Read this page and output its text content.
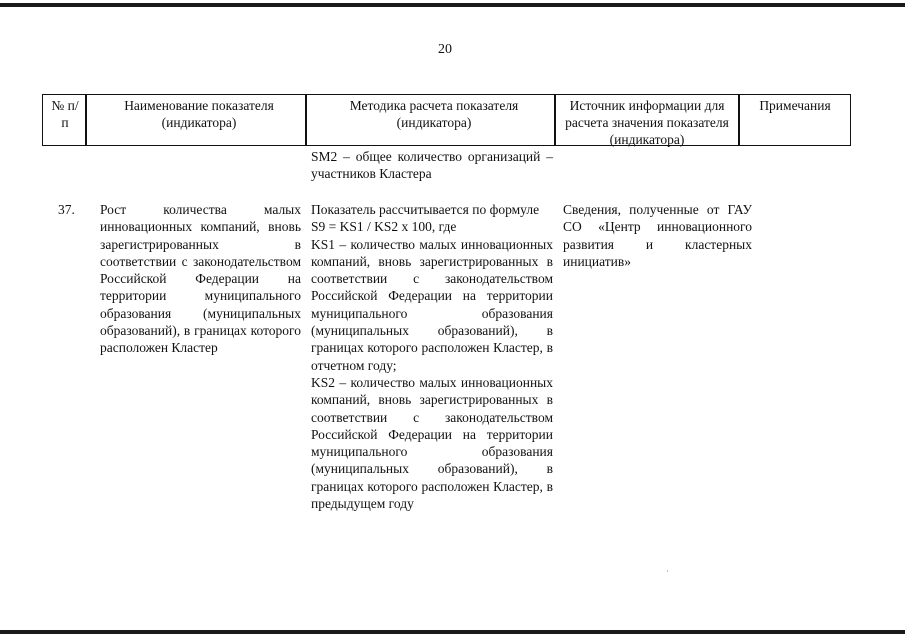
20
№ п/п
Наименование показателя (индикатора)
Методика расчета показателя (индикатора)
Источник информации для расчета значения показателя (индикатора)
Примечания
SM2 – общее количество организаций – участников Кластера
37.	Рост количества малых инновационных компаний, вновь зарегистрированных в соответствии с законодательством Российской Федерации на территории муниципального образования (муниципальных образований), в границах которого расположен Кластер
Показатель рассчитывается по формуле
S9 = KS1 / KS2 x 100, где
KS1 – количество малых инновационных компаний, вновь зарегистрированных в соответствии с законодательством Российской Федерации на территории муниципального образования (муниципальных образований), в границах которого расположен Кластер, в отчетном году;
KS2 – количество малых инновационных компаний, вновь зарегистрированных в соответствии с законодательством Российской Федерации на территории муниципального образования (муниципальных образований), в границах которого расположен Кластер, в предыдущем году
Сведения, полученные от ГАУ СО «Центр инновационного развития и кластерных инициатив»
·
